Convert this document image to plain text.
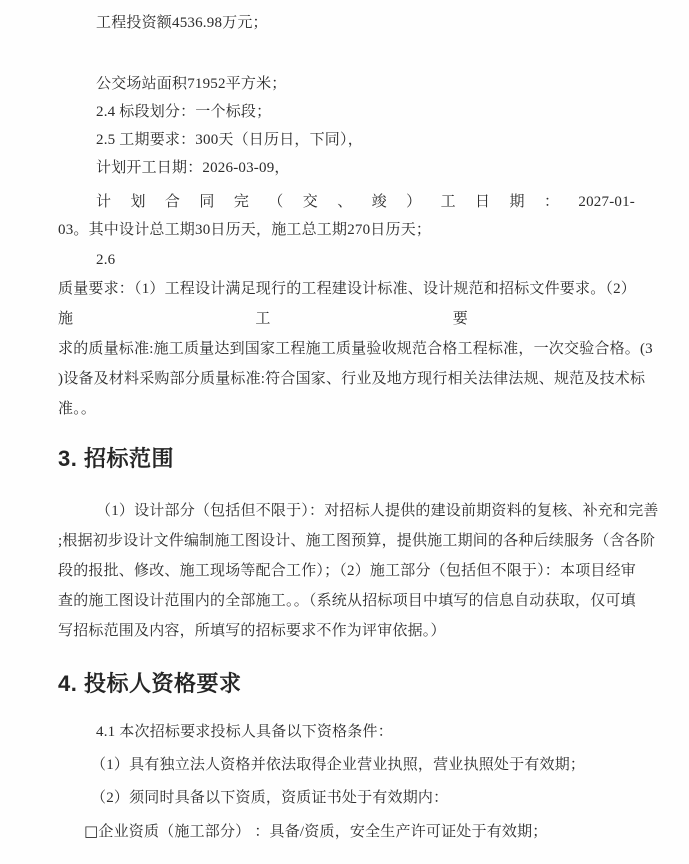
工程投资额4536.98万元；
公交场站面积71952平方米；
2.4 标段划分：一个标段；
2.5 工期要求：300天（日历日，下同），
计划开工日期：2026-03-09，
计 划 合 同 完 （ 交 、 竣 ） 工 日 期 ： 2027-01-
03。其中设计总工期30日历天，施工总工期270日历天；
2.6
质量要求：（1）工程设计满足现行的工程建设计标准、设计规范和招标文件要求。（2）
施 工 要
求的质量标准:施工质量达到国家工程施工质量验收规范合格工程标准，一次交验合格。(3
)设备及材料采购部分质量标准:符合国家、行业及地方现行相关法律法规、规范及技术标
准。。
3. 招标范围
（1）设计部分（包括但不限于）：对招标人提供的建设前期资料的复核、补充和完善
;根据初步设计文件编制施工图设计、施工图预算，提供施工期间的各种后续服务（含各阶
段的报批、修改、施工现场等配合工作）；（2）施工部分（包括但不限于）：本项目经审
查的施工图设计范围内的全部施工。。（系统从招标项目中填写的信息自动获取，仅可填
写招标范围及内容，所填写的招标要求不作为评审依据。）
4. 投标人资格要求
4.1 本次招标要求投标人具备以下资格条件：
（1）具有独立法人资格并依法取得企业营业执照，营业执照处于有效期；
（2）须同时具备以下资质，资质证书处于有效期内：
□企业资质（施工部分） ：具备/资质，安全生产许可证处于有效期；
